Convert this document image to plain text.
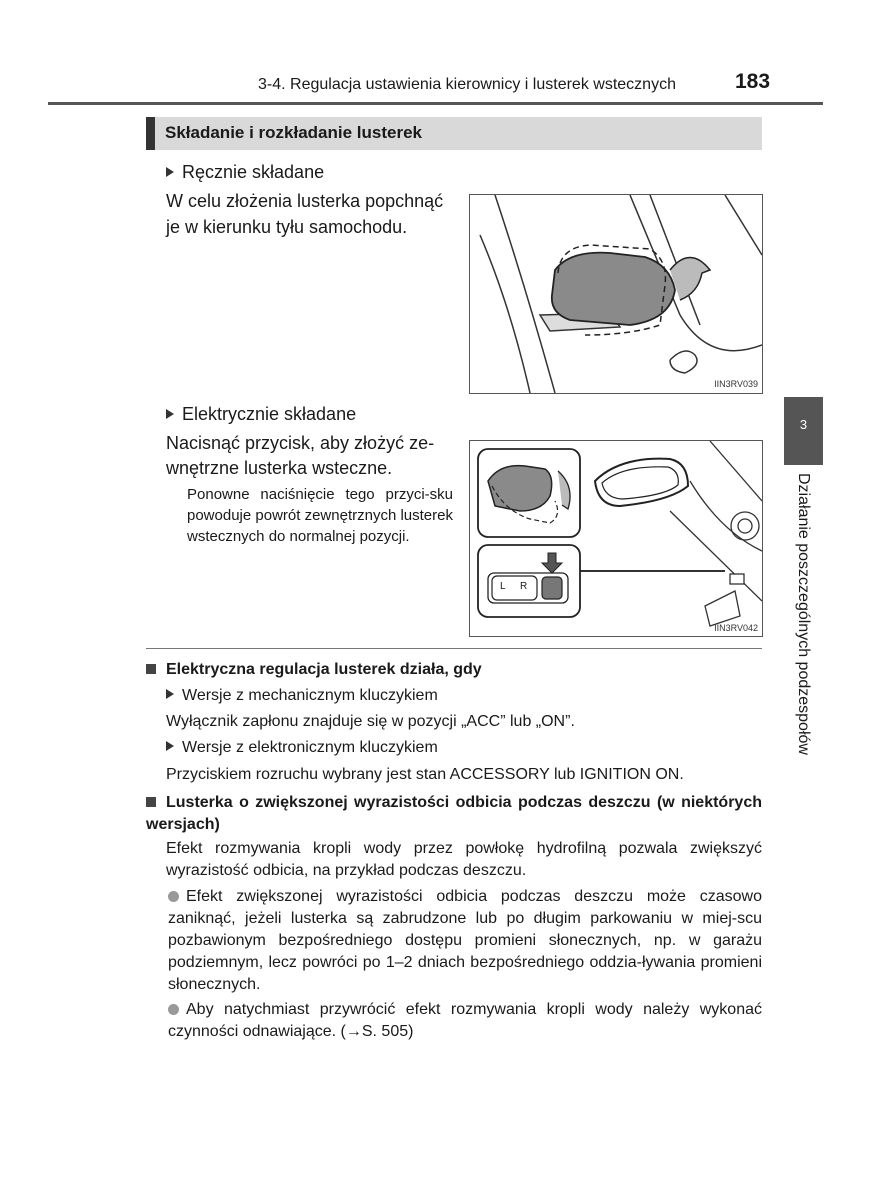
3-4. Regulacja ustawienia kierownicy i lusterek wstecznych	183
Składanie i rozkładanie lusterek
Ręcznie składane
W celu złożenia lusterka popchnąć
je w kierunku tyłu samochodu.
IIN3RV039
Elektrycznie składane
Nacisnąć przycisk, aby złożyć ze-
wnętrzne lusterka wsteczne.
Ponowne naciśnięcie tego przyci-sku powoduje powrót zewnętrznych lusterek wstecznych do normalnej pozycji.
L R
IIN3RV042
3
Działanie poszczególnych podzespołów
Elektryczna regulacja lusterek działa, gdy
Wersje z mechanicznym kluczykiem
Wyłącznik zapłonu znajduje się w pozycji „ACC” lub „ON”.
Wersje z elektronicznym kluczykiem
Przyciskiem rozruchu wybrany jest stan ACCESSORY lub IGNITION ON.
Lusterka o zwiększonej wyrazistości odbicia podczas deszczu (w niektórych wersjach)
Efekt rozmywania kropli wody przez powłokę hydrofilną pozwala zwiększyć wyrazistość odbicia, na przykład podczas deszczu.
Efekt zwiększonej wyrazistości odbicia podczas deszczu może czasowo zaniknąć, jeżeli lusterka są zabrudzone lub po długim parkowaniu w miej-scu pozbawionym bezpośredniego dostępu promieni słonecznych, np. w garażu podziemnym, lecz powróci po 1–2 dniach bezpośredniego oddzia-ływania promieni słonecznych.
Aby natychmiast przywrócić efekt rozmywania kropli wody należy wykonać czynności odnawiające. (→S. 505)
